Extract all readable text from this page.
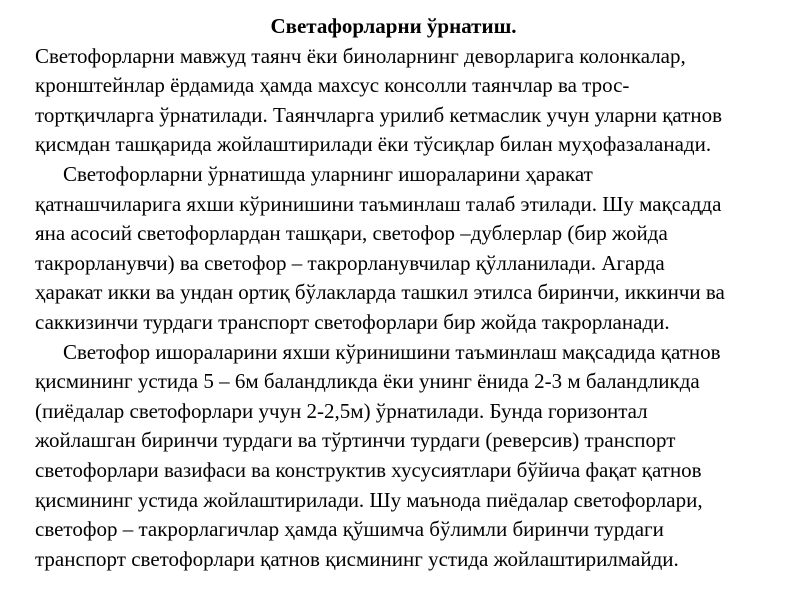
Светафорларни ўрнатиш.

Светофорларни мавжуд таянч ёки биноларнинг деворларига колонкалар,
кронштейнлар ёрдамида ҳамда махсус консолли таянчлар ва трос-
тортқичларга ўрнатилади. Таянчларга урилиб кетмаслик учун уларни қатнов
қисмдан ташқарида жойлаштирилади ёки тўсиқлар билан муҳофазаланади.

Светофорларни ўрнатишда уларнинг ишораларини ҳаракат
қатнашчиларига яхши кўринишини таъминлаш талаб этилади. Шу мақсадда
яна асосий светофорлардан ташқари, светофор –дублерлар (бир жойда
такрорланувчи) ва светофор – такрорланувчилар қўлланилади. Агарда
ҳаракат икки ва ундан ортиқ бўлакларда ташкил этилса биринчи, иккинчи ва
саккизинчи турдаги транспорт светофорлари бир жойда такрорланади.

Светофор ишораларини яхши кўринишини таъминлаш мақсадида қатнов
қисмининг устида 5 – 6м баландликда ёки унинг ёнида 2-3 м баландликда
(пиёдалар светофорлари учун 2-2,5м) ўрнатилади. Бунда горизонтал
жойлашган биринчи турдаги ва тўртинчи турдаги (реверсив) транспорт
светофорлари вазифаси ва конструктив хусусиятлари бўйича фақат қатнов
қисмининг устида жойлаштирилади. Шу маънода пиёдалар светофорлари,
светофор – такрорлагичлар ҳамда қўшимча бўлимли биринчи турдаги
транспорт светофорлари қатнов қисмининг устида жойлаштирилмайди.
